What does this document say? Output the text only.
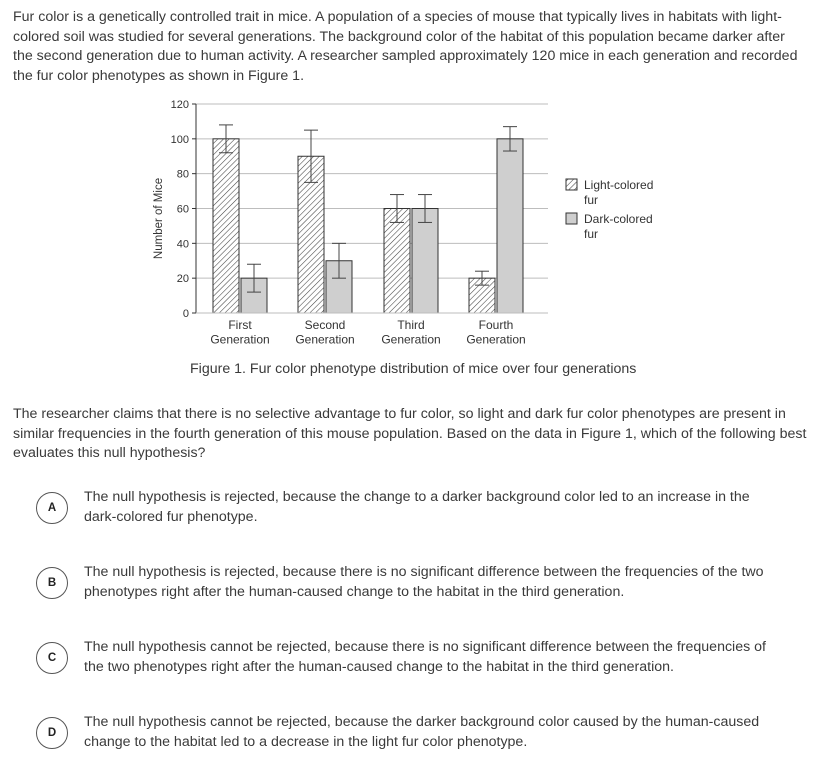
Fur color is a genetically controlled trait in mice. A population of a species of mouse that typically lives in habitats with light-colored soil was studied for several generations. The background color of the habitat of this population became darker after the second generation due to human activity. A researcher sampled approximately 120 mice in each generation and recorded the fur color phenotypes as shown in Figure 1.

0
20
40
60
80
100
120
Number of Mice
First
Generation
Second
Generation
Third
Generation
Fourth
Generation
Light-colored
fur
Dark-colored
fur
Figure 1. Fur color phenotype distribution of mice over four generations

The researcher claims that there is no selective advantage to fur color, so light and dark fur color phenotypes are present in similar frequencies in the fourth generation of this mouse population. Based on the data in Figure 1, which of the following best evaluates this null hypothesis?

A
The null hypothesis is rejected, because the change to a darker background color led to an increase in the dark-colored fur phenotype.
B
The null hypothesis is rejected, because there is no significant difference between the frequencies of the two phenotypes right after the human-caused change to the habitat in the third generation.
C
The null hypothesis cannot be rejected, because there is no significant difference between the frequencies of the two phenotypes right after the human-caused change to the habitat in the third generation.
D
The null hypothesis cannot be rejected, because the darker background color caused by the human-caused change to the habitat led to a decrease in the light fur color phenotype.
